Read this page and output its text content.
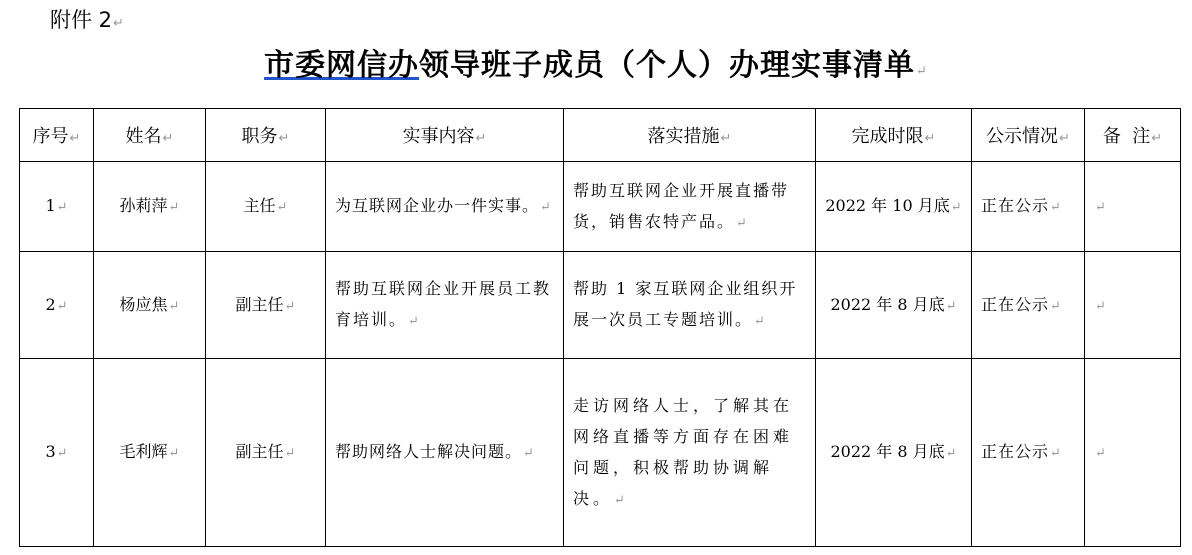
附件 2↵
市委网信办领导班子成员（个人）办理实事清单↵
序号↵	姓名↵	职务↵	实事内容↵	落实措施↵	完成时限↵	公示情况↵	备  注↵
1↵	孙莉萍↵	主任↵	为互联网企业办一件实事。↵	帮助互联网企业开展直播带货，销售农特产品。↵	2022 年 10 月底↵	正在公示↵	↵
2↵	杨应焦↵	副主任↵	帮助互联网企业开展员工教育培训。↵	帮助 1 家互联网企业组织开展一次员工专题培训。↵	2022 年 8 月底↵	正在公示↵	↵
3↵	毛利辉↵	副主任↵	帮助网络人士解决问题。↵	走访网络人士，了解其在网络直播等方面存在困难问题，积极帮助协调解决。↵	2022 年 8 月底↵	正在公示↵	↵
